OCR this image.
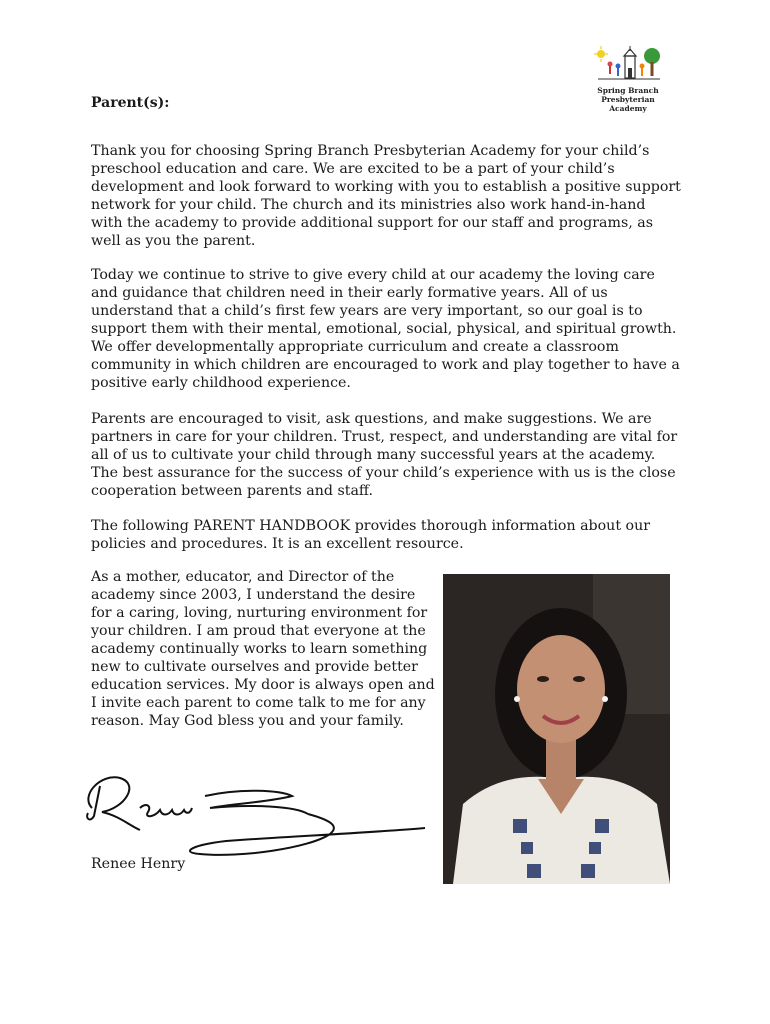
Spring Branch
Presbyterian Academy
Parent(s):

Thank you for choosing Spring Branch Presbyterian Academy for your child’s preschool education and care. We are excited to be a part of your child’s development and look forward to working with you to establish a positive support network for your child. The church and its ministries also work hand-in-hand with the academy to provide additional support for our staff and programs, as well as you the parent.

Today we continue to strive to give every child at our academy the loving care and guidance that children need in their early formative years. All of us understand that a child’s first few years are very important, so our goal is to support them with their mental, emotional, social, physical, and spiritual growth. We offer developmentally appropriate curriculum and create a classroom community in which children are encouraged to work and play together to have a positive early childhood experience.

Parents are encouraged to visit, ask questions, and make suggestions. We are partners in care for your children. Trust, respect, and understanding are vital for all of us to cultivate your child through many successful years at the academy. The best assurance for the success of your child’s experience with us is the close cooperation between parents and staff.

The following PARENT HANDBOOK provides thorough information about our policies and procedures. It is an excellent resource.

As a mother, educator, and Director of the academy since 2003, I understand the desire for a caring, loving, nurturing environment for your children. I am proud that everyone at the academy continually works to learn something new to cultivate ourselves and provide better education services. My door is always open and I invite each parent to come talk to me for any reason. May God bless you and your family.

Renee Henry
